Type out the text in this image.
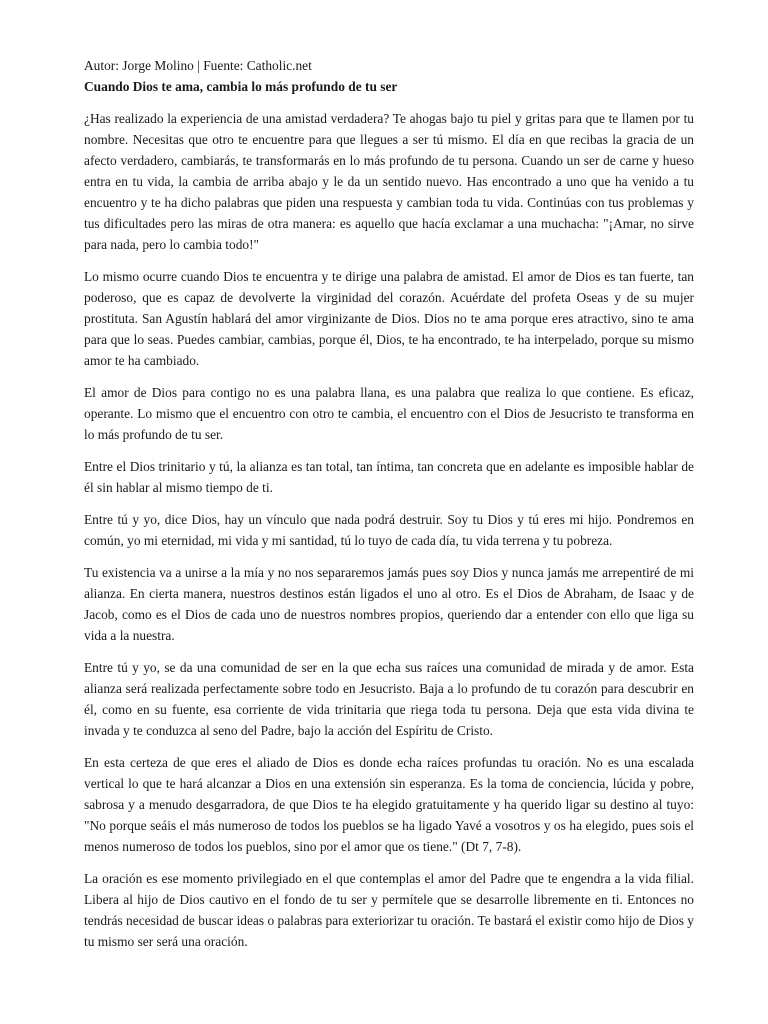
Autor: Jorge Molino | Fuente: Catholic.net
Cuando Dios te ama, cambia lo más profundo de tu ser

¿Has realizado la experiencia de una amistad verdadera? Te ahogas bajo tu piel y gritas para que te llamen por tu nombre. Necesitas que otro te encuentre para que llegues a ser tú mismo. El día en que recibas la gracia de un afecto verdadero, cambiarás, te transformarás en lo más profundo de tu persona. Cuando un ser de carne y hueso entra en tu vida, la cambia de arriba abajo y le da un sentido nuevo. Has encontrado a uno que ha venido a tu encuentro y te ha dicho palabras que piden una respuesta y cambian toda tu vida. Continúas con tus problemas y tus dificultades pero las miras de otra manera: es aquello que hacía exclamar a una muchacha: "¡Amar, no sirve para nada, pero lo cambia todo!"

Lo mismo ocurre cuando Dios te encuentra y te dirige una palabra de amistad. El amor de Dios es tan fuerte, tan poderoso, que es capaz de devolverte la virginidad del corazón. Acuérdate del profeta Oseas y de su mujer prostituta. San Agustín hablará del amor virginizante de Dios. Dios no te ama porque eres atractivo, sino te ama para que lo seas. Puedes cambiar, cambias, porque él, Dios, te ha encontrado, te ha interpelado, porque su mismo amor te ha cambiado.

El amor de Dios para contigo no es una palabra llana, es una palabra que realiza lo que contiene. Es eficaz, operante. Lo mismo que el encuentro con otro te cambia, el encuentro con el Dios de Jesucristo te transforma en lo más profundo de tu ser.

Entre el Dios trinitario y tú, la alianza es tan total, tan íntima, tan concreta que en adelante es imposible hablar de él sin hablar al mismo tiempo de ti.

Entre tú y yo, dice Dios, hay un vínculo que nada podrá destruir. Soy tu Dios y tú eres mi hijo. Pondremos en común, yo mi eternidad, mi vida y mi santidad, tú lo tuyo de cada día, tu vida terrena y tu pobreza.

Tu existencia va a unirse a la mía y no nos separaremos jamás pues soy Dios y nunca jamás me arrepentiré de mi alianza. En cierta manera, nuestros destinos están ligados el uno al otro. Es el Dios de Abraham, de Isaac y de Jacob, como es el Dios de cada uno de nuestros nombres propios, queriendo dar a entender con ello que liga su vida a la nuestra.

Entre tú y yo, se da una comunidad de ser en la que echa sus raíces una comunidad de mirada y de amor. Esta alianza será realizada perfectamente sobre todo en Jesucristo. Baja a lo profundo de tu corazón para descubrir en él, como en su fuente, esa corriente de vida trinitaria que riega toda tu persona. Deja que esta vida divina te invada y te conduzca al seno del Padre, bajo la acción del Espíritu de Cristo.

En esta certeza de que eres el aliado de Dios es donde echa raíces profundas tu oración. No es una escalada vertical lo que te hará alcanzar a Dios en una extensión sin esperanza. Es la toma de conciencia, lúcida y pobre, sabrosa y a menudo desgarradora, de que Dios te ha elegido gratuitamente y ha querido ligar su destino al tuyo: "No porque seáis el más numeroso de todos los pueblos se ha ligado Yavé a vosotros y os ha elegido, pues sois el menos numeroso de todos los pueblos, sino por el amor que os tiene." (Dt 7, 7-8).

La oración es ese momento privilegiado en el que contemplas el amor del Padre que te engendra a la vida filial. Libera al hijo de Dios cautivo en el fondo de tu ser y permítele que se desarrolle libremente en ti. Entonces no tendrás necesidad de buscar ideas o palabras para exteriorizar tu oración. Te bastará el existir como hijo de Dios y tu mismo ser será una oración.
